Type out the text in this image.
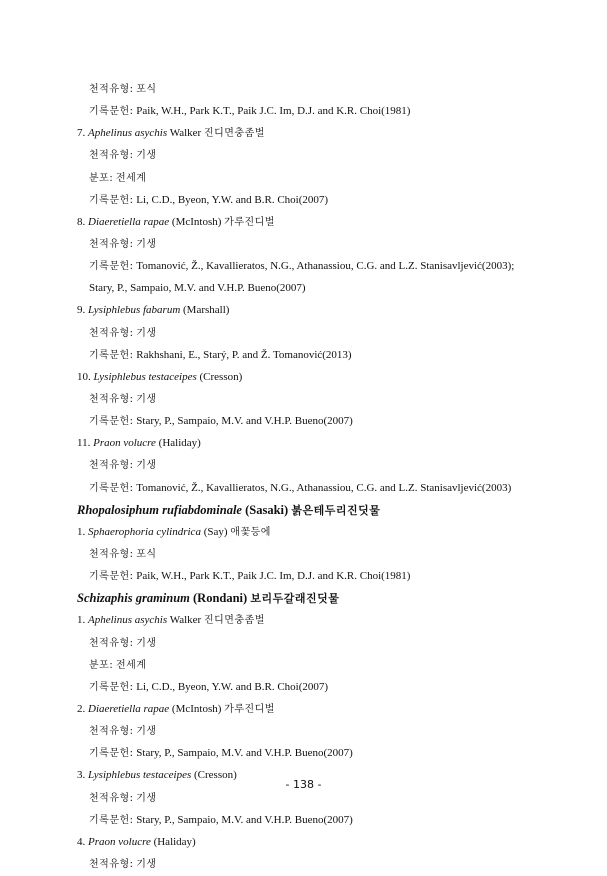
천적유형: 포식
기록문헌: Paik, W.H., Park K.T., Paik J.C. Im, D.J. and K.R. Choi(1981)
7. Aphelinus asychis Walker 진디면충좀벌
천적유형: 기생
분포: 전세계
기록문헌: Li, C.D., Byeon, Y.W. and B.R. Choi(2007)
8. Diaeretiella rapae (McIntosh) 가루진디벌
천적유형: 기생
기록문헌: Tomanović, Ž., Kavallieratos, N.G., Athanassiou, C.G. and L.Z. Stanisavljević(2003);
Stary, P., Sampaio, M.V. and V.H.P. Bueno(2007)
9. Lysiphlebus fabarum (Marshall)
천적유형: 기생
기록문헌: Rakhshani, E., Starý, P. and Ž. Tomanović(2013)
10. Lysiphlebus testaceipes (Cresson)
천적유형: 기생
기록문헌: Stary, P., Sampaio, M.V. and V.H.P. Bueno(2007)
11. Praon volucre (Haliday)
천적유형: 기생
기록문헌: Tomanović, Ž., Kavallieratos, N.G., Athanassiou, C.G. and L.Z. Stanisavljević(2003)
Rhopalosiphum rufiabdominale (Sasaki) 붉은테두리진딧물
1. Sphaerophoria cylindrica (Say) 애꽃등에
천적유형: 포식
기록문헌: Paik, W.H., Park K.T., Paik J.C. Im, D.J. and K.R. Choi(1981)
Schizaphis graminum (Rondani) 보리두갈래진딧물
1. Aphelinus asychis Walker 진디면충좀벌
천적유형: 기생
분포: 전세계
기록문헌: Li, C.D., Byeon, Y.W. and B.R. Choi(2007)
2. Diaeretiella rapae (McIntosh) 가루진디벌
천적유형: 기생
기록문헌: Stary, P., Sampaio, M.V. and V.H.P. Bueno(2007)
3. Lysiphlebus testaceipes (Cresson)
천적유형: 기생
기록문헌: Stary, P., Sampaio, M.V. and V.H.P. Bueno(2007)
4. Praon volucre (Haliday)
천적유형: 기생
- 138 -
